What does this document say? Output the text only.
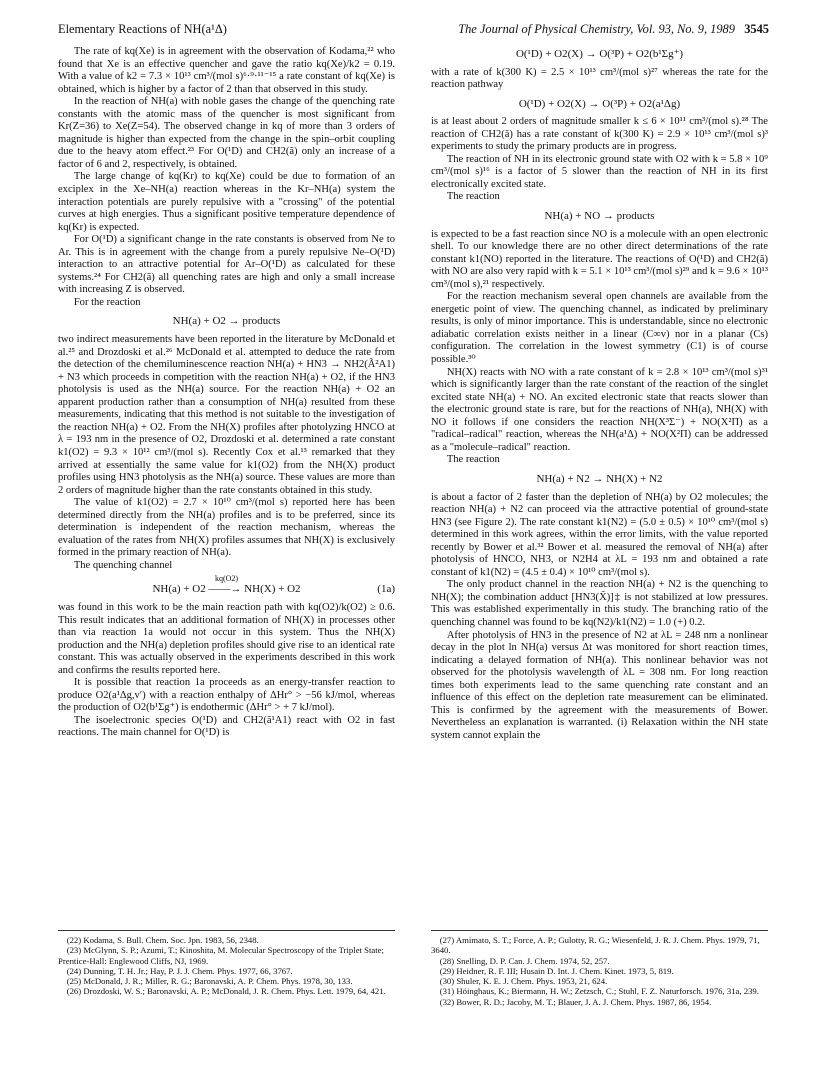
Elementary Reactions of NH(a¹Δ)	The Journal of Physical Chemistry, Vol. 93, No. 9, 1989 3545

The rate of kq(Xe) is in agreement with the observation of Kodama,²² who found that Xe is an effective quencher and gave the ratio kq(Xe)/k2 = 0.19. With a value of k2 = 7.3 × 10¹³ cm³/(mol s)⁶·⁹·¹¹⁻¹⁵ a rate constant of kq(Xe) is obtained, which is higher by a factor of 2 than that observed in this study.

In the reaction of NH(a) with noble gases the change of the quenching rate constants with the atomic mass of the quencher is most significant from Kr(Z=36) to Xe(Z=54). The observed change in kq of more than 3 orders of magnitude is higher than expected from the change in the spin–orbit coupling due to the heavy atom effect.²³ For O(¹D) and CH2(ã) only an increase of a factor of 6 and 2, respectively, is obtained.

The large change of kq(Kr) to kq(Xe) could be due to formation of an exciplex in the Xe–NH(a) reaction whereas in the Kr–NH(a) system the interaction potentials are purely repulsive with a "crossing" of the potential curves at high energies. Thus a significant positive temperature dependence of kq(Kr) is expected.

For O(¹D) a significant change in the rate constants is observed from Ne to Ar. This is in agreement with the change from a purely repulsive Ne–O(¹D) interaction to an attractive potential for Ar–O(¹D) as calculated for these systems.²⁴ For CH2(ã) all quenching rates are high and only a small increase with increasing Z is observed.

For the reaction

NH(a) + O2 → products

two indirect measurements have been reported in the literature by McDonald et al.²⁵ and Drozdoski et al.²⁶ McDonald et al. attempted to deduce the rate from the detection of the chemiluminescence reaction NH(a) + HN3 → NH2(Ã²A1) + N3 which proceeds in competition with the reaction NH(a) + O2, if the HN3 photolysis is used as the NH(a) source. For the reaction NH(a) + O2 an apparent production rather than a consumption of NH(a) resulted from these measurements, indicating that this method is not suitable to the investigation of the reaction NH(a) + O2. From the NH(X) profiles after photolyzing HNCO at λ = 193 nm in the presence of O2, Drozdoski et al. determined a rate constant k1(O2) = 9.3 × 10¹² cm³/(mol s). Recently Cox et al.¹³ remarked that they arrived at essentially the same value for k1(O2) from the NH(X) product profiles using HN3 photolysis as the NH(a) source. These values are more than 2 orders of magnitude higher than the rate constants obtained in this study.

The value of k1(O2) = 2.7 × 10¹⁰ cm³/(mol s) reported here has been determined directly from the NH(a) profiles and is to be preferred, since its determination is independent of the reaction mechanism, whereas the evaluation of the rates from NH(X) profiles assumes that NH(X) is exclusively formed in the primary reaction of NH(a).

The quenching channel

kq(O2)
NH(a) + O2 ——→ NH(X) + O2	(1a)

was found in this work to be the main reaction path with kq(O2)/k(O2) ≥ 0.6. This result indicates that an additional formation of NH(X) in processes other than via reaction 1a would not occur in this system. Thus the NH(X) production and the NH(a) depletion profiles should give rise to an identical rate constant. This was actually observed in the experiments described in this work and confirms the results reported here.

It is possible that reaction 1a proceeds as an energy-transfer reaction to produce O2(a¹Δg,v′) with a reaction enthalpy of ΔHr° > −56 kJ/mol, whereas the production of O2(b¹Σg⁺) is endothermic (ΔHr° > + 7 kJ/mol).

The isoelectronic species O(¹D) and CH2(ã¹A1) react with O2 in fast reactions. The main channel for O(¹D) is

O(¹D) + O2(X) → O(³P) + O2(b¹Σg⁺)

with a rate of k(300 K) = 2.5 × 10¹³ cm³/(mol s)²⁷ whereas the rate for the reaction pathway

O(¹D) + O2(X) → O(³P) + O2(a¹Δg)

is at least about 2 orders of magnitude smaller k ≤ 6 × 10¹¹ cm³/(mol s).²⁸ The reaction of CH2(ã) has a rate constant of k(300 K) = 2.9 × 10¹³ cm³/(mol s)³ experiments to study the primary products are in progress.

The reaction of NH in its electronic ground state with O2 with k = 5.8 × 10⁹ cm³/(mol s)¹⁶ is a factor of 5 slower than the reaction of NH in its first electronically excited state.

The reaction

NH(a) + NO → products

is expected to be a fast reaction since NO is a molecule with an open electronic shell. To our knowledge there are no other direct determinations of the rate constant k1(NO) reported in the literature. The reactions of O(¹D) and CH2(ã) with NO are also very rapid with k = 5.1 × 10¹³ cm³/(mol s)²⁹ and k = 9.6 × 10¹³ cm³/(mol s),²¹ respectively.

For the reaction mechanism several open channels are available from the energetic point of view. The quenching channel, as indicated by preliminary results, is only of minor importance. This is understandable, since no electronic adiabatic correlation exists neither in a linear (C∞v) nor in a planar (Cs) configuration. The correlation in the lowest symmetry (C1) is of course possible.³⁰

NH(X) reacts with NO with a rate constant of k = 2.8 × 10¹³ cm³/(mol s)³¹ which is significantly larger than the rate constant of the reaction of the singlet excited state NH(a) + NO. An excited electronic state that reacts slower than the electronic ground state is rare, but for the reactions of NH(a), NH(X) with NO it follows if one considers the reaction NH(X³Σ⁻) + NO(X²Π) as a "radical–radical" reaction, whereas the NH(a¹Δ) + NO(X²Π) can be addressed as a "molecule–radical" reaction.

The reaction

NH(a) + N2 → NH(X) + N2

is about a factor of 2 faster than the depletion of NH(a) by O2 molecules; the reaction NH(a) + N2 can proceed via the attractive potential of ground-state HN3 (see Figure 2). The rate constant k1(N2) = (5.0 ± 0.5) × 10¹⁰ cm³/(mol s) determined in this work agrees, within the error limits, with the value reported recently by Bower et al.³² Bower et al. measured the removal of NH(a) after photolysis of HNCO, NH3, or N2H4 at λL = 193 nm and obtained a rate constant of k1(N2) = (4.5 ± 0.4) × 10¹⁰ cm³/(mol s).

The only product channel in the reaction NH(a) + N2 is the quenching to NH(X); the combination adduct [HN3(X̃)]‡ is not stabilized at low pressures. This was established experimentally in this study. The branching ratio of the quenching channel was found to be kq(N2)/k1(N2) = 1.0 (+) 0.2.

After photolysis of HN3 in the presence of N2 at λL = 248 nm a nonlinear decay in the plot ln NH(a) versus Δt was monitored for short reaction times, indicating a delayed formation of NH(a). This nonlinear behavior was not observed for the photolysis wavelength of λL = 308 nm. For long reaction times both experiments lead to the same quenching rate constant and an influence of this effect on the depletion rate measurement can be eliminated. This is confirmed by the agreement with the measurements of Bower. Nevertheless an explanation is warranted. (i) Relaxation within the NH state system cannot explain the

(22) Kodama, S. Bull. Chem. Soc. Jpn. 1983, 56, 2348.

(23) McGlynn, S. P.; Azumi, T.; Kinoshita, M. Molecular Spectroscopy of the Triplet State; Prentice-Hall: Englewood Cliffs, NJ, 1969.

(24) Dunning, T. H. Jr.; Hay, P. J. J. Chem. Phys. 1977, 66, 3767.

(25) McDonald, J. R.; Miller, R. G.; Baronavski, A. P. Chem. Phys. 1978, 30, 133.

(26) Drozdoski, W. S.; Baronavski, A. P.; McDonald, J. R. Chem. Phys. Lett. 1979, 64, 421.

(27) Amimato, S. T.; Force, A. P.; Gulotty, R. G.; Wiesenfeld, J. R. J. Chem. Phys. 1979, 71, 3640.

(28) Snelling, D. P. Can. J. Chem. 1974, 52, 257.

(29) Heidner, R. F. III; Husain D. Int. J. Chem. Kinet. 1973, 5, 819.

(30) Shuler, K. E. J. Chem. Phys. 1953, 21, 624.

(31) Höinghaus, K.; Biermann, H. W.; Zetzsch, C.; Stuhl, F. Z. Naturforsch. 1976, 31a, 239.

(32) Bower, R. D.; Jacoby, M. T.; Blauer, J. A. J. Chem. Phys. 1987, 86, 1954.
